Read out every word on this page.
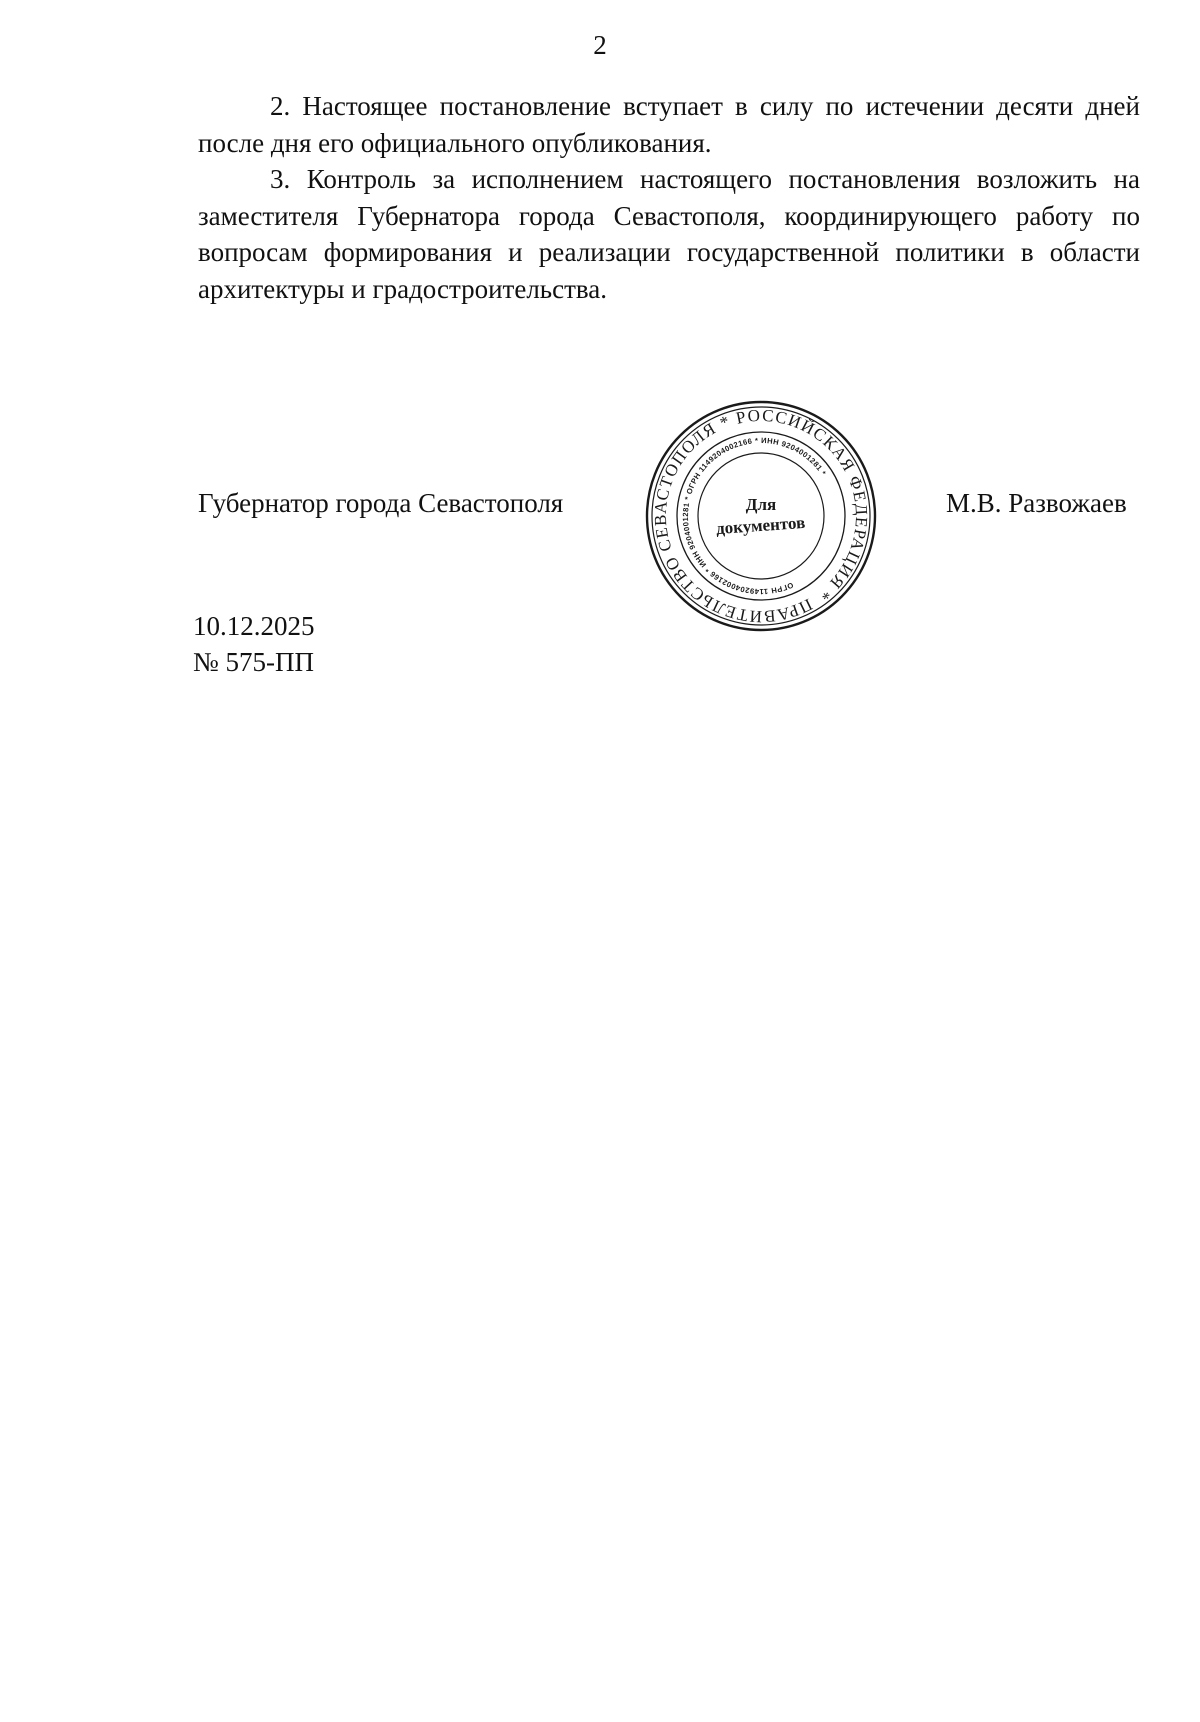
2

2. Настоящее постановление вступает в силу по истечении десяти дней после дня его официального опубликования.

3. Контроль за исполнением настоящего постановления возложить на заместителя Губернатора города Севастополя, координирующего работу по вопросам формирования и реализации государственной политики в области архитектуры и градостроительства.

Губернатор города Севастополя
ПРАВИТЕЛЬСТВО СЕВАСТОПОЛЯ * РОССИЙСКАЯ ФЕДЕРАЦИЯ *
ОГРН 1149204002166 * ИНН 9204001281 * ОГРН 1149204002166 * ИНН 9204001281 *
Для
документов
М.В. Развожаев
10.12.2025
№ 575-ПП
